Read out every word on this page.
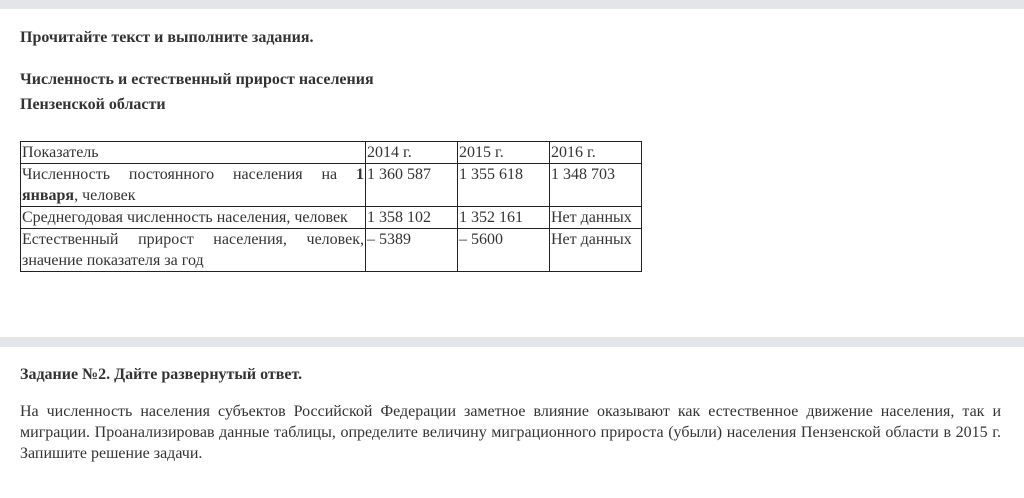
Прочитайте текст и выполните задания.
Численность и естественный прирост населения
Пензенской области
Показатель	2014 г.	2015 г.	2016 г.
Численность постоянного населения на 1 января, человек	1 360 587	1 355 618	1 348 703
Среднегодовая численность населения, человек	1 358 102	1 352 161	Нет данных
Естественный прирост населения, человек, значение показателя за год	– 5389	– 5600	Нет данных
Задание №2. Дайте развернутый ответ.
На численность населения субъектов Российской Федерации заметное влияние оказывают как естественное движение населения, так и миграции. Проанализировав данные таблицы, определите величину миграционного прироста (убыли) населения Пензенской области в 2015 г. Запишите решение задачи.
